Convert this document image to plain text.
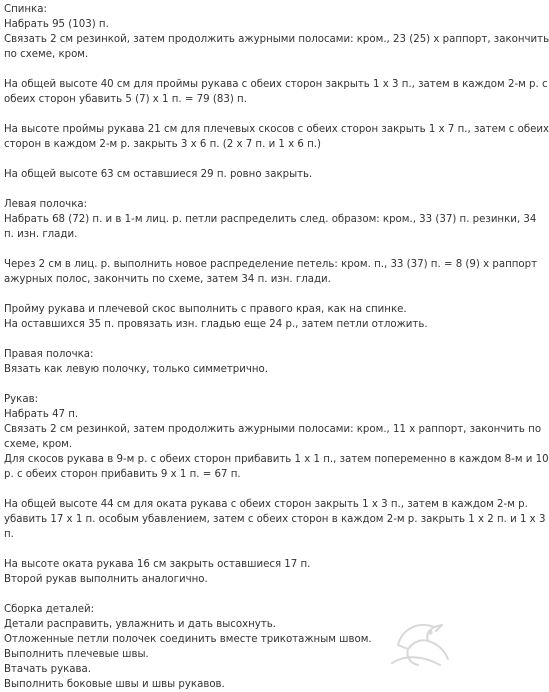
Спинка:
Набрать 95 (103) п.
Связать 2 см резинкой, затем продолжить ажурными полосами: кром., 23 (25) х раппорт, закончить
по схеме, кром.
На общей высоте 40 см для проймы рукава с обеих сторон закрыть 1 х 3 п., затем в каждом 2-м р. с
обеих сторон убавить 5 (7) х 1 п. = 79 (83) п.
На высоте проймы рукава 21 см для плечевых скосов с обеих сторон закрыть 1 х 7 п., затем с обеих
сторон в каждом 2-м р. закрыть 3 х 6 п. (2 х 7 п. и 1 х 6 п.)
На общей высоте 63 см оставшиеся 29 п. ровно закрыть.
Левая полочка:
Набрать 68 (72) п. и в 1-м лиц. р. петли распределить след. образом: кром., 33 (37) п. резинки, 34
п. изн. глади.
Через 2 см в лиц. р. выполнить новое распределение петель: кром. п., 33 (37) п. = 8 (9) х раппорт
ажурных полос, закончить по схеме, затем 34 п. изн. глади.
Пройму рукава и плечевой скос выполнить с правого края, как на спинке.
На оставшихся 35 п. провязать изн. гладью еще 24 р., затем петли отложить.
Правая полочка:
Вязать как левую полочку, только симметрично.
Рукав:
Набрать 47 п.
Связать 2 см резинкой, затем продолжить ажурными полосами: кром., 11 х раппорт, закончить по
схеме, кром.
Для скосов рукава в 9-м р. с обеих сторон прибавить 1 х 1 п., затем попеременно в каждом 8-м и 10
р. с обеих сторон прибавить 9 х 1 п. = 67 п.
На общей высоте 44 см для оката рукава с обеих сторон закрыть 1 х 3 п., затем в каждом 2-м р.
убавить 17 х 1 п. особым убавлением, затем с обеих сторон в каждом 2-м р. закрыть 1 х 2 п. и 1 х 3
п.
На высоте оката рукава 16 см закрыть оставшиеся 17 п.
Второй рукав выполнить аналогично.
Сборка деталей:
Детали расправить, увлажнить и дать высохнуть.
Отложенные петли полочек соединить вместе трикотажным швом.
Выполнить плечевые швы.
Втачать рукава.
Выполнить боковые швы и швы рукавов.
